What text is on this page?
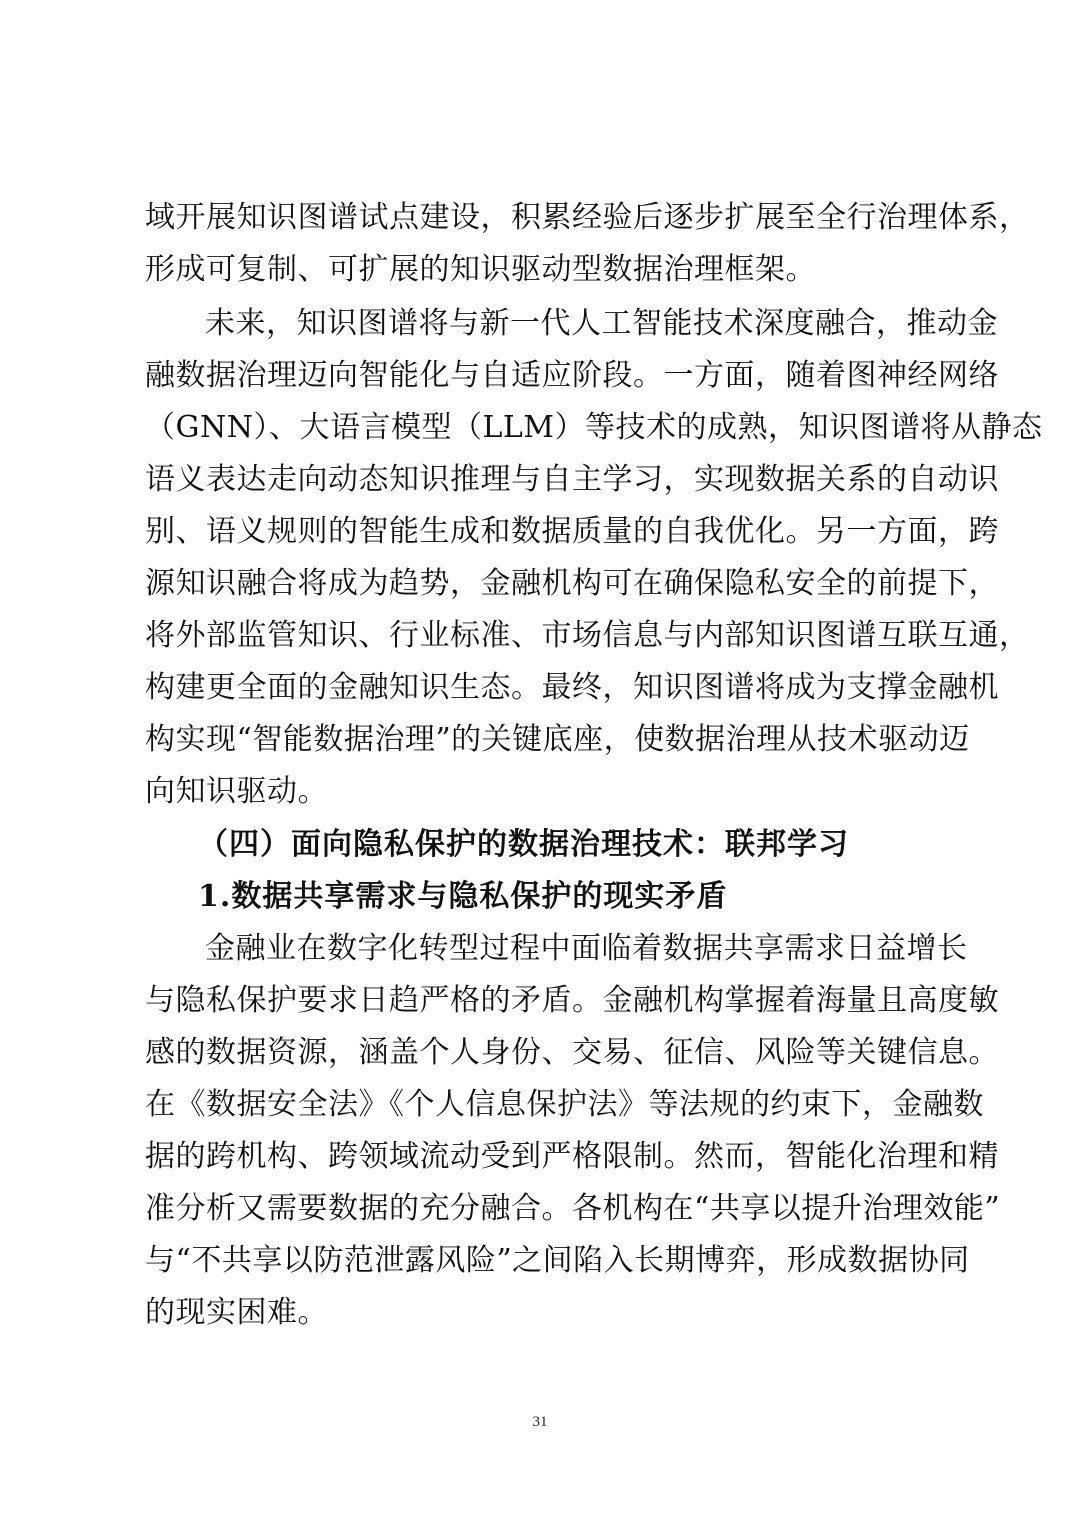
域开展知识图谱试点建设，积累经验后逐步扩展至全行治理体系，
形成可复制、可扩展的知识驱动型数据治理框架。
未来，知识图谱将与新一代人工智能技术深度融合，推动金
融数据治理迈向智能化与自适应阶段。一方面，随着图神经网络
（GNN）、大语言模型（LLM）等技术的成熟，知识图谱将从静态
语义表达走向动态知识推理与自主学习，实现数据关系的自动识
别、语义规则的智能生成和数据质量的自我优化。另一方面，跨
源知识融合将成为趋势，金融机构可在确保隐私安全的前提下，
将外部监管知识、行业标准、市场信息与内部知识图谱互联互通，
构建更全面的金融知识生态。最终，知识图谱将成为支撑金融机
构实现“智能数据治理”的关键底座，使数据治理从技术驱动迈
向知识驱动。
（四）面向隐私保护的数据治理技术：联邦学习
1.数据共享需求与隐私保护的现实矛盾
金融业在数字化转型过程中面临着数据共享需求日益增长
与隐私保护要求日趋严格的矛盾。金融机构掌握着海量且高度敏
感的数据资源，涵盖个人身份、交易、征信、风险等关键信息。
在《数据安全法》《个人信息保护法》等法规的约束下，金融数
据的跨机构、跨领域流动受到严格限制。然而，智能化治理和精
准分析又需要数据的充分融合。各机构在“共享以提升治理效能”
与“不共享以防范泄露风险”之间陷入长期博弈，形成数据协同
的现实困难。
31
